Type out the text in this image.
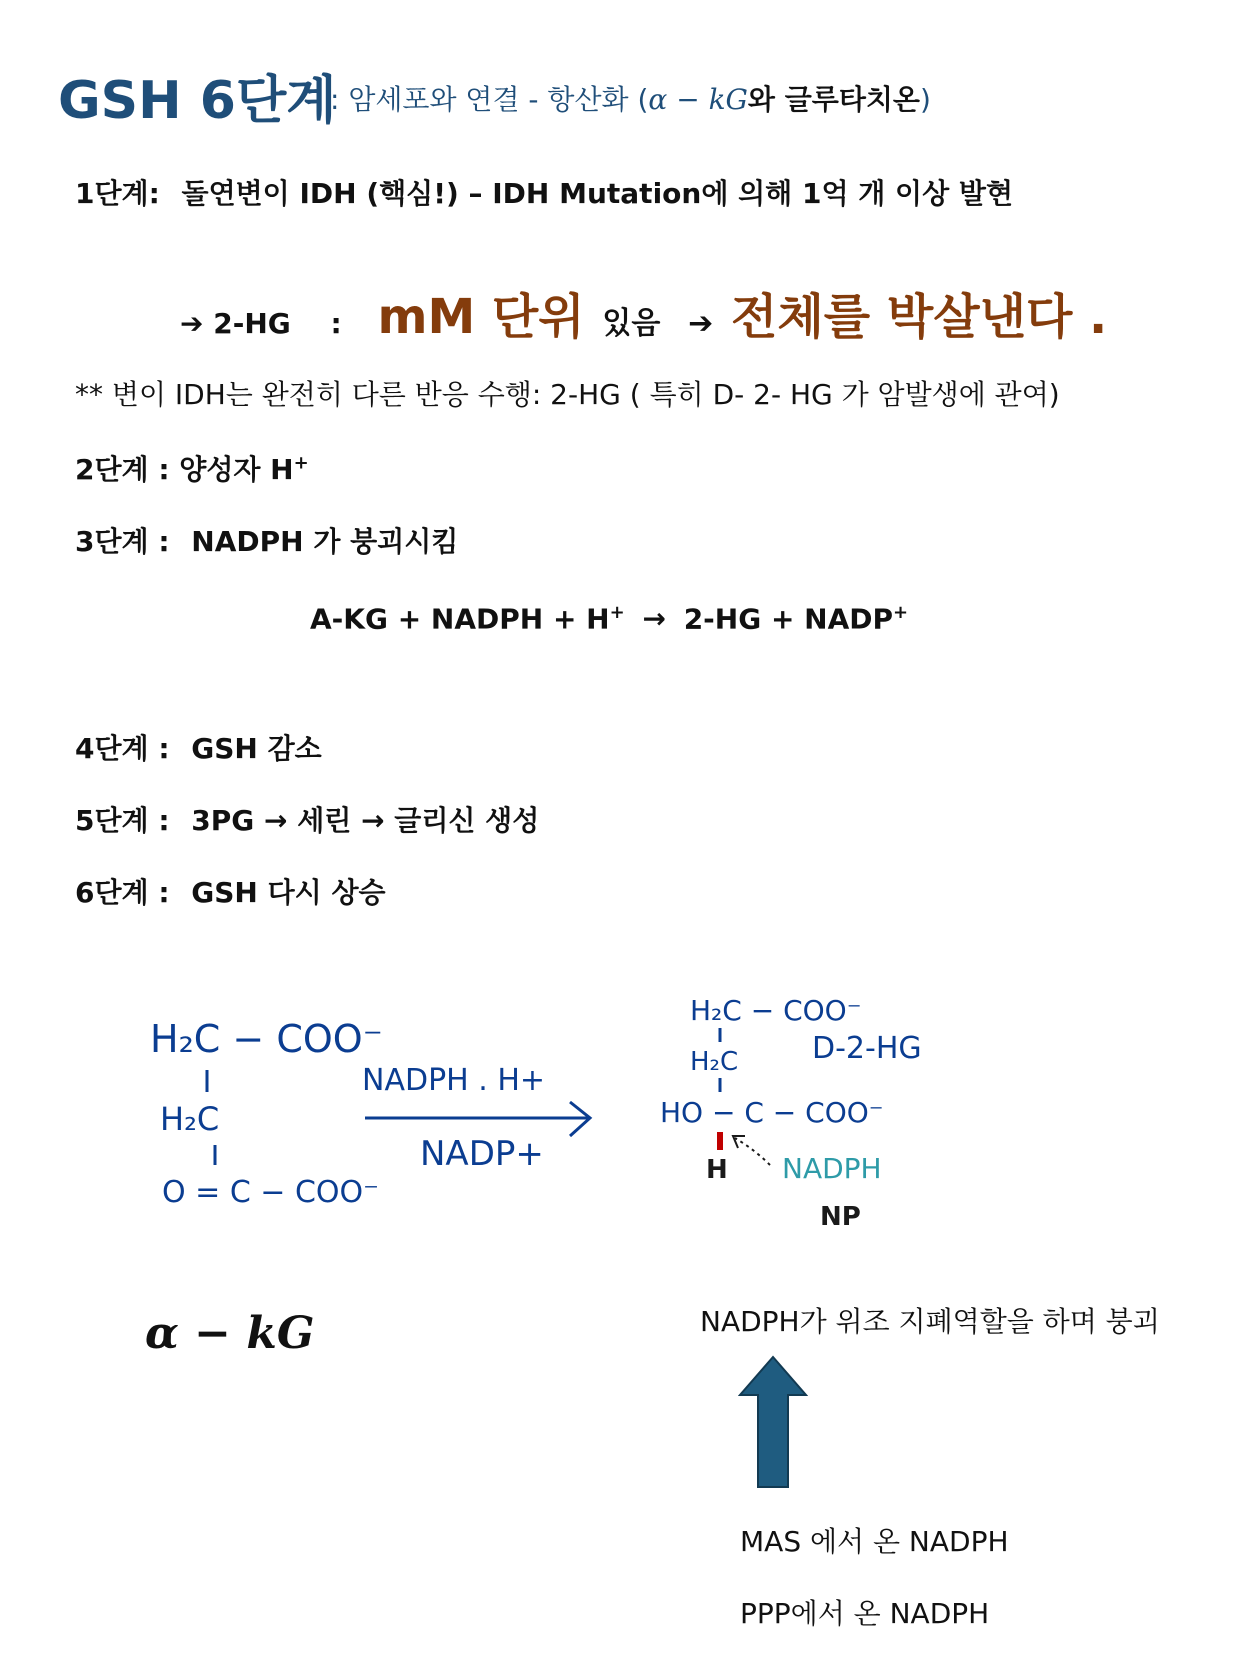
GSH 6단계
: 암세포와 연결 - 항산화 (α − kG와 글루타치온)
1단계: 돌연변이 IDH (핵심!) – IDH Mutation에 의해 1억 개 이상 발현
➔ 2-HG : mM 단위 있음 ➔ 전체를 박살낸다 .
** 변이 IDH는 완전히 다른 반응 수행: 2-HG ( 특히 D- 2- HG 가 암발생에 관여)
2단계 : 양성자 H+
3단계 : NADPH 가 붕괴시킴
A-KG + NADPH + H+ → 2-HG + NADP+
4단계 : GSH 감소
5단계 : 3PG → 세린 → 글리신 생성
6단계 : GSH 다시 상승
H₂C − COO⁻
H₂C
O = C − COO⁻
NADPH . H+
NADP+
H₂C − COO⁻
H₂C
HO − C − COO⁻
H
D-2-HG
NADPH
NP
α − kG	NADPH가 위조 지폐역할을 하며 붕괴
MAS 에서 온 NADPH
PPP에서 온 NADPH
